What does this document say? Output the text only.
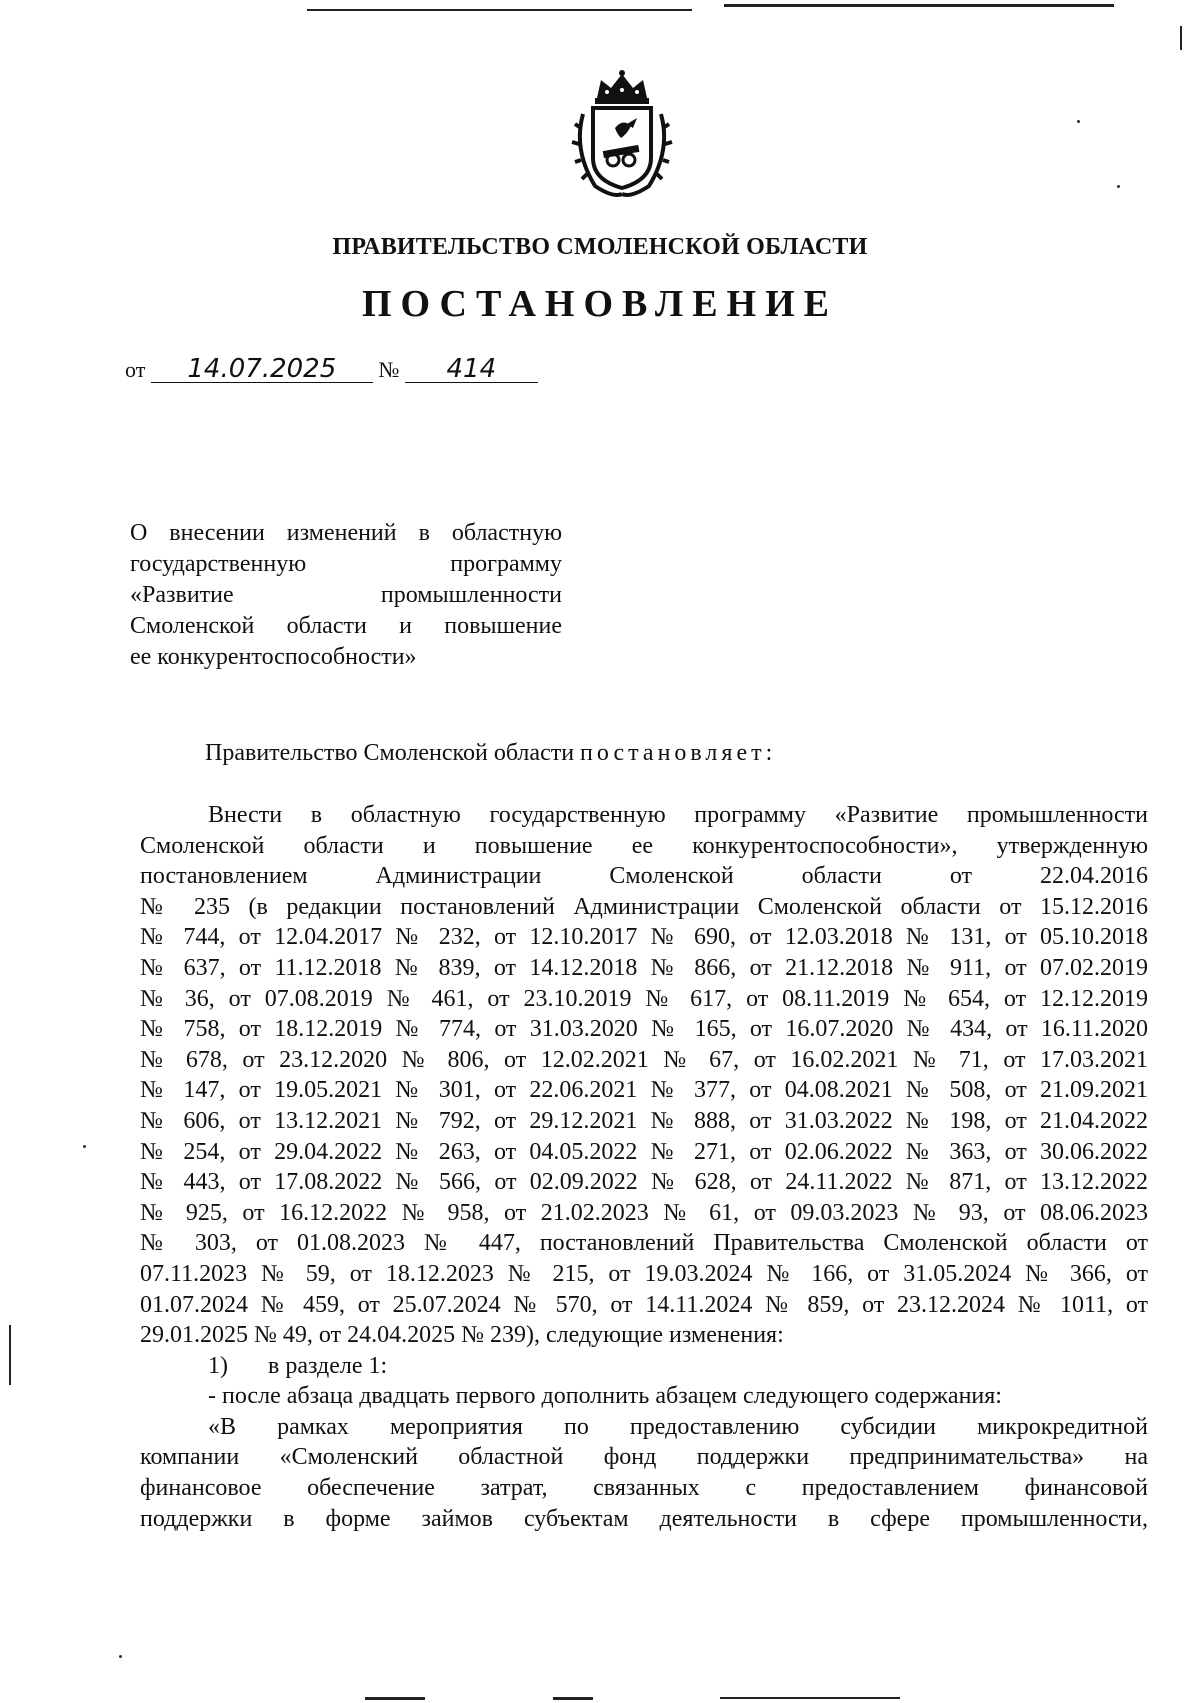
ПРАВИТЕЛЬСТВО СМОЛЕНСКОЙ ОБЛАСТИ
ПОСТАНОВЛЕНИЕ
от 14.07.2025 № 414
О внесении изменений в областную
государственную программу
«Развитие промышленности
Смоленской области и повышение
ее конкурентоспособности»
Правительство Смоленской области постановляет:
Внести в областную государственную программу «Развитие промышленности
Смоленской области и повышение ее конкурентоспособности», утвержденную
постановлением Администрации Смоленской области от 22.04.2016
№ 235 (в редакции постановлений Администрации Смоленской области от 15.12.2016
№ 744, от 12.04.2017 № 232, от 12.10.2017 № 690, от 12.03.2018 № 131, от 05.10.2018
№ 637, от 11.12.2018 № 839, от 14.12.2018 № 866, от 21.12.2018 № 911, от 07.02.2019
№ 36, от 07.08.2019 № 461, от 23.10.2019 № 617, от 08.11.2019 № 654, от 12.12.2019
№ 758, от 18.12.2019 № 774, от 31.03.2020 № 165, от 16.07.2020 № 434, от 16.11.2020
№ 678, от 23.12.2020 № 806, от 12.02.2021 № 67, от 16.02.2021 № 71, от 17.03.2021
№ 147, от 19.05.2021 № 301, от 22.06.2021 № 377, от 04.08.2021 № 508, от 21.09.2021
№ 606, от 13.12.2021 № 792, от 29.12.2021 № 888, от 31.03.2022 № 198, от 21.04.2022
№ 254, от 29.04.2022 № 263, от 04.05.2022 № 271, от 02.06.2022 № 363, от 30.06.2022
№ 443, от 17.08.2022 № 566, от 02.09.2022 № 628, от 24.11.2022 № 871, от 13.12.2022
№ 925, от 16.12.2022 № 958, от 21.02.2023 № 61, от 09.03.2023 № 93, от 08.06.2023
№ 303, от 01.08.2023 № 447, постановлений Правительства Смоленской области от
07.11.2023 № 59, от 18.12.2023 № 215, от 19.03.2024 № 166, от 31.05.2024 № 366, от
01.07.2024 № 459, от 25.07.2024 № 570, от 14.11.2024 № 859, от 23.12.2024 № 1011, от
29.01.2025 № 49, от 24.04.2025 № 239), следующие изменения:
1) в разделе 1:
- после абзаца двадцать первого дополнить абзацем следующего содержания:
«В рамках мероприятия по предоставлению субсидии микрокредитной
компании «Смоленский областной фонд поддержки предпринимательства» на
финансовое обеспечение затрат, связанных с предоставлением финансовой
поддержки в форме займов субъектам деятельности в сфере промышленности,
